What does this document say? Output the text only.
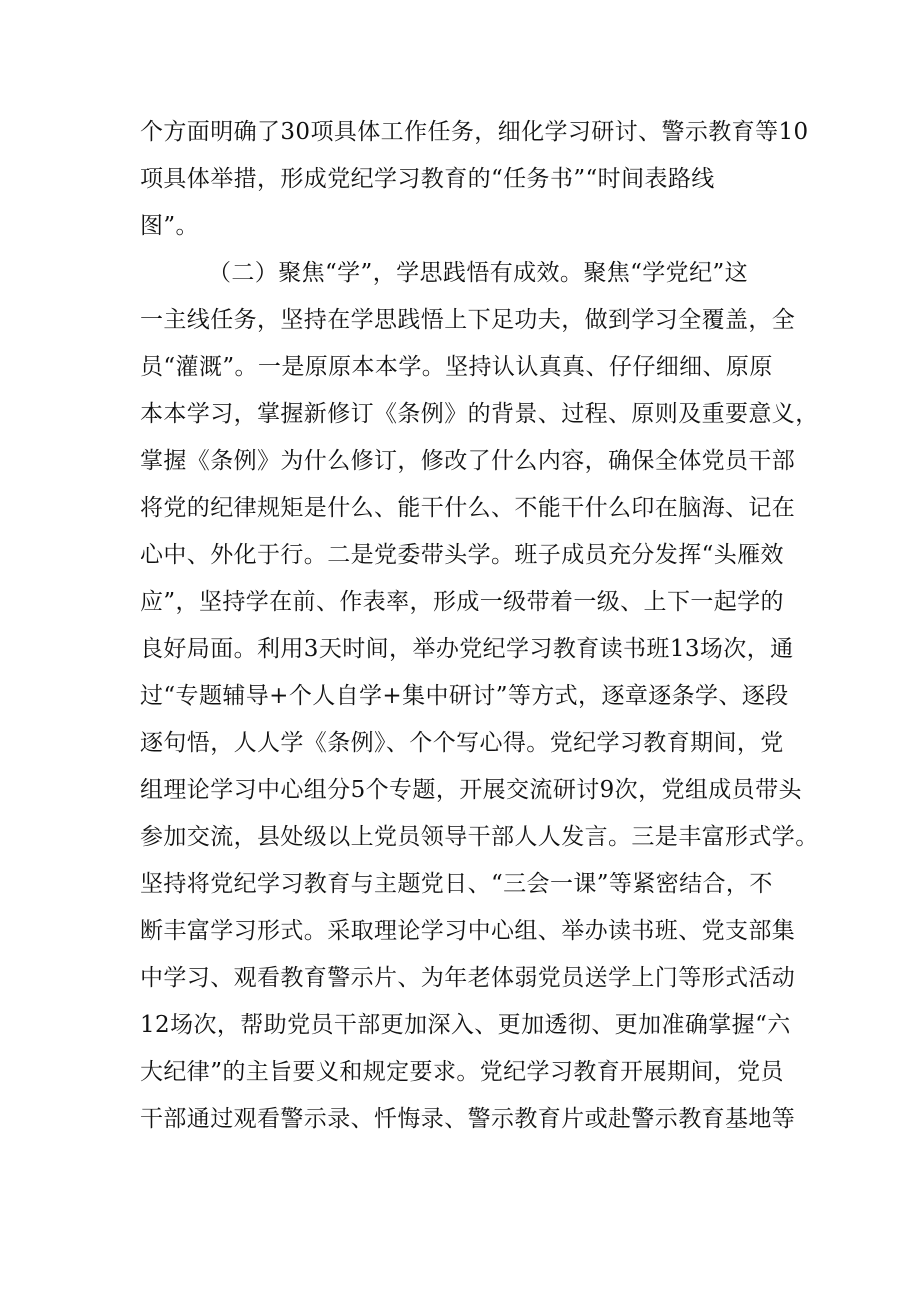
个方面明确了30项具体工作任务，细化学习研讨、警示教育等10
项具体举措，形成党纪学习教育的“任务书”“时间表路线
图”。
（二）聚焦“学”，学思践悟有成效。聚焦“学党纪”这
一主线任务，坚持在学思践悟上下足功夫，做到学习全覆盖，全
员“灌溉”。一是原原本本学。坚持认认真真、仔仔细细、原原
本本学习，掌握新修订《条例》的背景、过程、原则及重要意义，
掌握《条例》为什么修订，修改了什么内容，确保全体党员干部
将党的纪律规矩是什么、能干什么、不能干什么印在脑海、记在
心中、外化于行。二是党委带头学。班子成员充分发挥“头雁效
应”，坚持学在前、作表率，形成一级带着一级、上下一起学的
良好局面。利用3天时间，举办党纪学习教育读书班13场次，通
过“专题辅导+个人自学+集中研讨”等方式，逐章逐条学、逐段
逐句悟，人人学《条例》、个个写心得。党纪学习教育期间，党
组理论学习中心组分5个专题，开展交流研讨9次，党组成员带头
参加交流，县处级以上党员领导干部人人发言。三是丰富形式学。
坚持将党纪学习教育与主题党日、“三会一课”等紧密结合，不
断丰富学习形式。采取理论学习中心组、举办读书班、党支部集
中学习、观看教育警示片、为年老体弱党员送学上门等形式活动
12场次，帮助党员干部更加深入、更加透彻、更加准确掌握“六
大纪律”的主旨要义和规定要求。党纪学习教育开展期间，党员
干部通过观看警示录、忏悔录、警示教育片或赴警示教育基地等
